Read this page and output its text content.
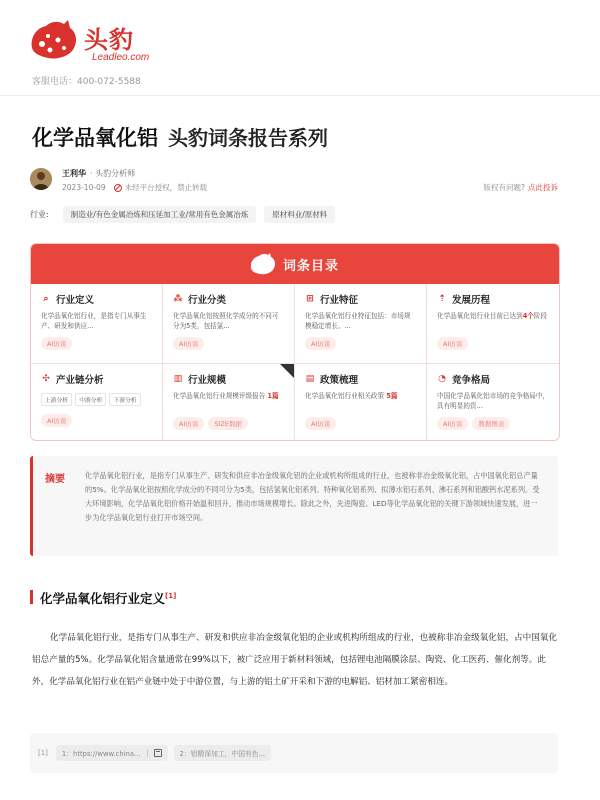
头豹
Leadleo.com
客服电话：400-072-5588
化学品氧化铝 头豹词条报告系列
王利华 · 头豹分析师
2023-10-09	未经平台授权，禁止转载	版权有问题? 点此投诉
行业:	制造业/有色金属冶炼和压延加工业/常用有色金属冶炼	原材料业/原材料
词条目录
⌕ 行业定义
化学品氧化铝行业，是指专门从事生产、研发和供应...
AI访谈
⁂ 行业分类
化学品氧化铝按照化学成分的不同可分为5类，包括氯...
AI访谈
⊞ 行业特征
化学品氧化铝行业特征包括：市场规模稳定增长、...
AI访谈
⇡ 发展历程
化学品氧化铝行业目前已达到4个阶段
AI访谈
✣ 产业链分析
上游分析	中游分析	下游分析
AI访谈
▥ 行业规模
化学品氧化铝行业规模评级报告 1篇
AI访谈	SIZE数据
▤ 政策梳理
化学品氧化铝行业相关政策 5篇
AI访谈
◔ 竞争格局
中国化学品氧化铝市场的竞争格局中，具有明显的资...
AI访谈	数据图表
摘要	化学品氧化铝行业，是指专门从事生产、研发和供应非冶金级氧化铝的企业或机构所组成的行业，也被称非冶金级氧化铝，占中国氧化铝总产量的5%。化学品氧化铝按照化学成分的不同可分为5类，包括氢氧化铝系列、特种氧化铝系列、拟薄水铝石系列、沸石系列和铝酸钙水泥系列。受大环境影响，化学品氧化铝价格开始温和回升，推动市场规模增长。除此之外，先进陶瓷、LED等化学品氧化铝的关键下游领域快速发展，进一步为化学品氧化铝行业打开市场空间。
化学品氧化铝行业定义[1]
化学品氧化铝行业，是指专门从事生产、研发和供应非冶金级氧化铝的企业或机构所组成的行业，也被称非冶金级氧化铝，占中国氧化铝总产量的5%。化学品氧化铝含量通常在99%以下，被广泛应用于新材料领域，包括锂电池隔膜涂层、陶瓷、化工医药、催化剂等。此外，化学品氧化铝行业在铝产业链中处于中游位置，与上游的铝土矿开采和下游的电解铝、铝材加工紧密相连。
[1] 1：https://www.china...	2：铝精深加工，中国有色...
